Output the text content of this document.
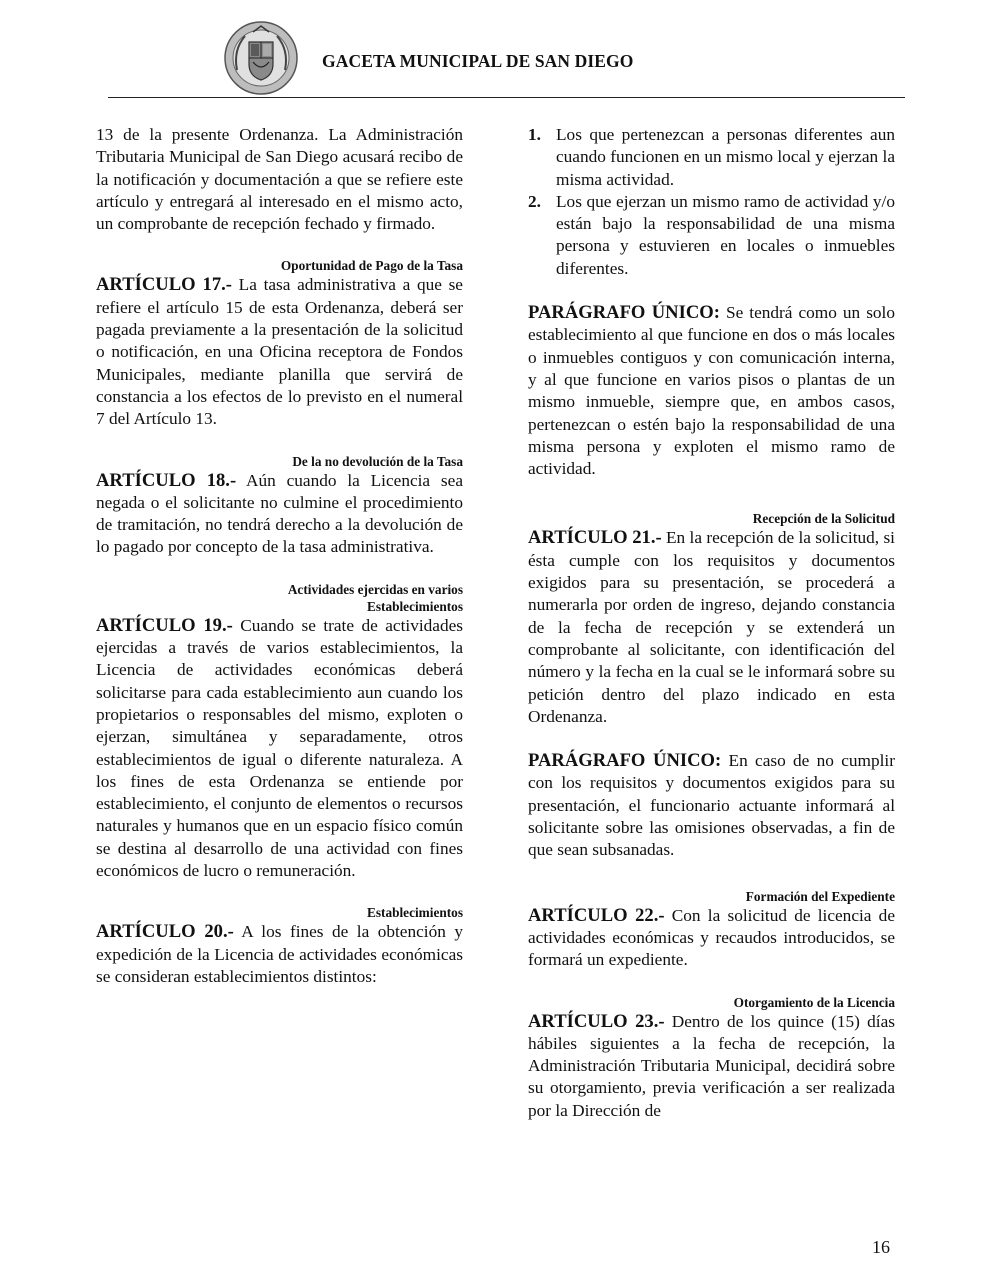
GACETA MUNICIPAL DE SAN DIEGO

13 de la presente Ordenanza. La Administración Tributaria Municipal de San Diego acusará recibo de la notificación y documentación a que se refiere este artículo y entregará al interesado en el mismo acto, un comprobante de recepción fechado y firmado.

Oportunidad de Pago de la Tasa

ARTÍCULO 17.- La tasa administrativa a que se refiere el artículo 15 de esta Ordenanza, deberá ser pagada previamente a la presentación de la solicitud o notificación, en una Oficina receptora de Fondos Municipales, mediante planilla que servirá de constancia a los efectos de lo previsto en el numeral 7 del Artículo 13.

De la no devolución de la Tasa

ARTÍCULO 18.- Aún cuando la Licencia sea negada o el solicitante no culmine el procedimiento de tramitación, no tendrá derecho a la devolución de lo pagado por concepto de la tasa administrativa.

Actividades ejercidas en varios
Establecimientos

ARTÍCULO 19.- Cuando se trate de actividades ejercidas a través de varios establecimientos, la Licencia de actividades económicas deberá solicitarse para cada establecimiento aun cuando los propietarios o responsables del mismo, exploten o ejerzan, simultánea y separadamente, otros establecimientos de igual o diferente naturaleza. A los fines de esta Ordenanza se entiende por establecimiento, el conjunto de elementos o recursos naturales y humanos que en un espacio físico común se destina al desarrollo de una actividad con fines económicos de lucro o remuneración.

Establecimientos

ARTÍCULO 20.- A los fines de la obtención y expedición de la Licencia de actividades económicas se consideran establecimientos distintos:

1. Los que pertenezcan a personas diferentes aun cuando funcionen en un mismo local y ejerzan la misma actividad.
2. Los que ejerzan un mismo ramo de actividad y/o están bajo la responsabilidad de una misma persona y estuvieren en locales o inmuebles diferentes.

PARÁGRAFO ÚNICO: Se tendrá como un solo establecimiento al que funcione en dos o más locales o inmuebles contiguos y con comunicación interna, y al que funcione en varios pisos o plantas de un mismo inmueble, siempre que, en ambos casos, pertenezcan o estén bajo la responsabilidad de una misma persona y exploten el mismo ramo de actividad.

Recepción de la Solicitud

ARTÍCULO 21.- En la recepción de la solicitud, si ésta cumple con los requisitos y documentos exigidos para su presentación, se procederá a numerarla por orden de ingreso, dejando constancia de la fecha de recepción y se extenderá un comprobante al solicitante, con identificación del número y la fecha en la cual se le informará sobre su petición dentro del plazo indicado en esta Ordenanza.

PARÁGRAFO ÚNICO: En caso de no cumplir con los requisitos y documentos exigidos para su presentación, el funcionario actuante informará al solicitante sobre las omisiones observadas, a fin de que sean subsanadas.

Formación del Expediente

ARTÍCULO 22.- Con la solicitud de licencia de actividades económicas y recaudos introducidos, se formará un expediente.

Otorgamiento de la Licencia

ARTÍCULO 23.- Dentro de los quince (15) días hábiles siguientes a la fecha de recepción, la Administración Tributaria Municipal, decidirá sobre su otorgamiento, previa verificación a ser realizada por la Dirección de

16
